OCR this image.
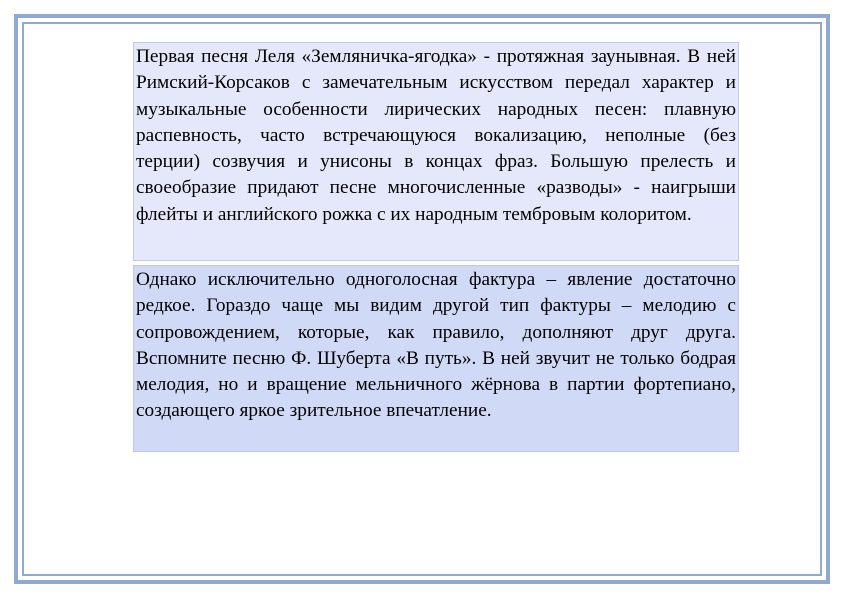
Первая песня Леля «Земляничка-ягодка» - протяжная заунывная. В ней Римский-Корсаков с замечательным искусством передал характер и музыкальные особенности лирических народных песен: плавную распевность, часто встречающуюся вокализацию, неполные (без терции) созвучия и унисоны в концах фраз. Большую прелесть и своеобразие придают песне многочисленные «разводы» - наигрыши флейты и английского рожка с их народным тембровым колоритом.
Однако исключительно одноголосная фактура – явление достаточно редкое. Гораздо чаще мы видим другой тип фактуры – мелодию с сопровождением, которые, как правило, дополняют друг друга. Вспомните песню Ф. Шуберта «В путь». В ней звучит не только бодрая мелодия, но и вращение мельничного жёрнова в партии фортепиано, создающего яркое зрительное впечатление.
